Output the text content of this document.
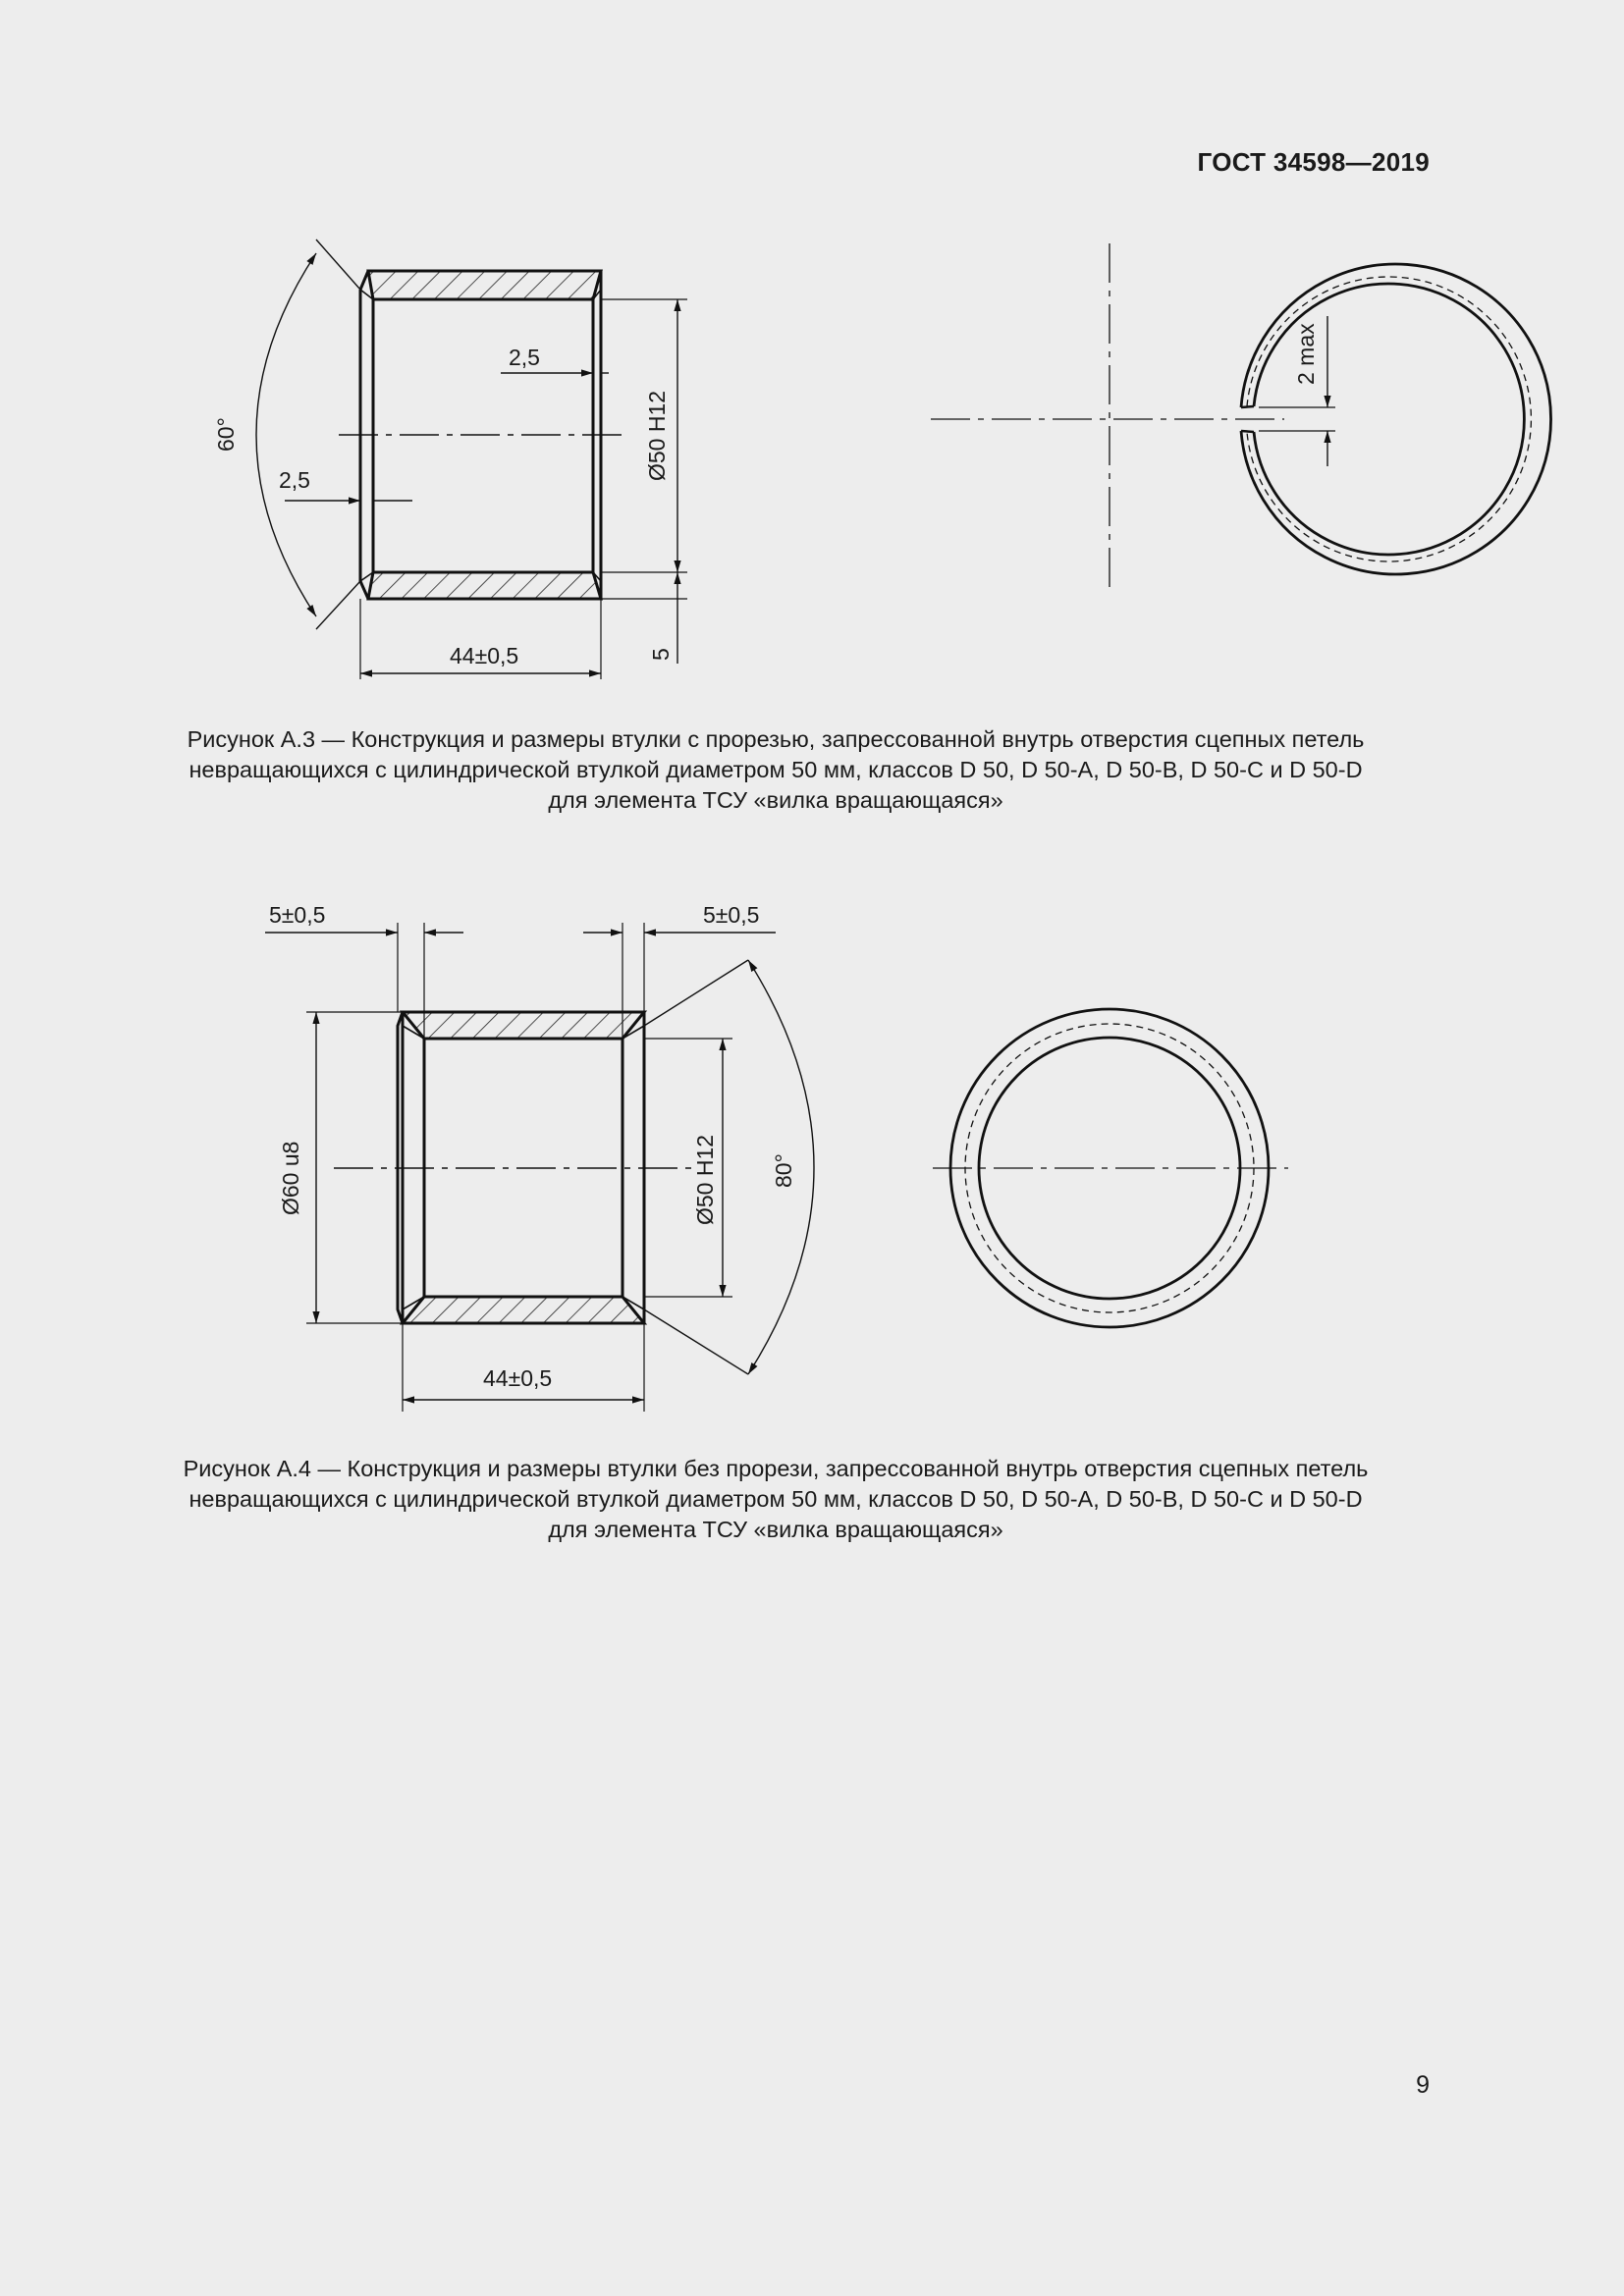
ГОСТ 34598—2019
2,5
2,5
60°	Ø50 H12
44±0,5	5
2 max
5±0,5	5±0,5
Ø60 u8	Ø50 H12 80°
44±0,5
Рисунок А.3 — Конструкция и размеры втулки с прорезью, запрессованной внутрь отверстия сцепных петель
невращающихся с цилиндрической втулкой диаметром 50 мм, классов D 50, D 50-A, D 50-B, D 50-C и D 50-D
для элемента ТСУ «вилка вращающаяся»
Рисунок А.4 — Конструкция и размеры втулки без прорези, запрессованной внутрь отверстия сцепных петель
невращающихся с цилиндрической втулкой диаметром 50 мм, классов D 50, D 50-A, D 50-B, D 50-C и D 50-D
для элемента ТСУ «вилка вращающаяся»
9
